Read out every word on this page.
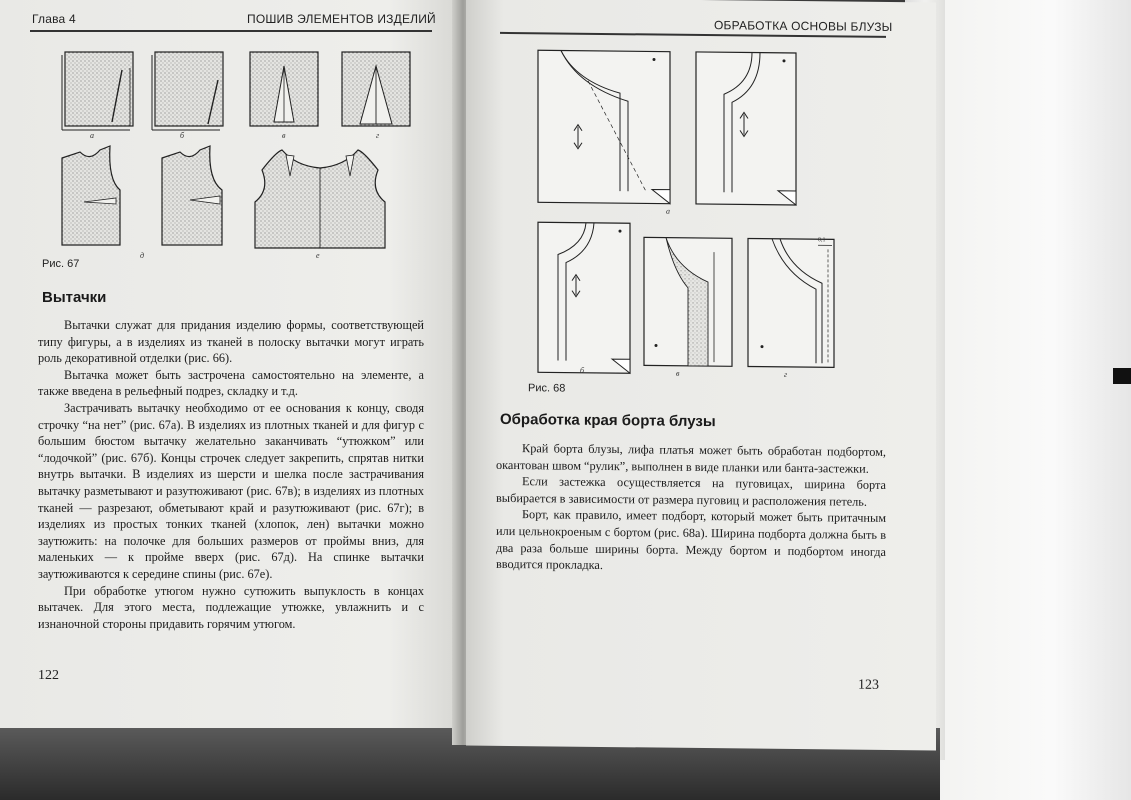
Глава 4	ПОШИВ ЭЛЕМЕНТОВ ИЗДЕЛИЙ
а	б	в	г
д	е
Рис. 67
Вытачки

Вытачки служат для придания изделию формы, соответствующей типу фигуры, а в изделиях из тканей в полоску вытачки могут играть роль декоративной отделки (рис. 66).

Вытачка может быть застрочена самостоятельно на элементе, а также введена в рельефный подрез, складку и т.д.

Застрачивать вытачку необходимо от ее основания к концу, сводя строчку “на нет” (рис. 67а). В изделиях из плотных тканей и для фигур с большим бюстом вытачку желательно заканчивать “утюжком” или “лодочкой” (рис. 67б). Концы строчек следует закрепить, спрятав нитки внутрь вытачки. В изделиях из шерсти и шелка после застрачивания вытачку разметывают и разутюживают (рис. 67в); в изделиях из плотных тканей — разрезают, обметывают край и разутюживают (рис. 67г); в изделиях из простых тонких тканей (хлопок, лен) вытачки можно заутюжить: на полочке для больших размеров от проймы вниз, для маленьких — к пройме вверх (рис. 67д). На спинке вытачки заутюживаются к середине спины (рис. 67е).

При обработке утюгом нужно сутюжить выпуклость в концах вытачек. Для этого места, подлежащие утюжке, увлажнить и с изнаночной стороны придавить горячим утюгом.

122
ОБРАБОТКА ОСНОВЫ БЛУЗЫ
а
б	в
0,1
г
Рис. 68
Обработка края борта блузы

Край борта блузы, лифа платья может быть обработан подбортом, окантован швом “рулик”, выполнен в виде планки или банта-застежки.

Если застежка осуществляется на пуговицах, ширина борта выбирается в зависимости от размера пуговиц и расположения петель.

Борт, как правило, имеет подборт, который может быть притачным или цельнокроеным с бортом (рис. 68а). Ширина подборта должна быть в два раза больше ширины борта. Между бортом и подбортом иногда вводится прокладка.

123
